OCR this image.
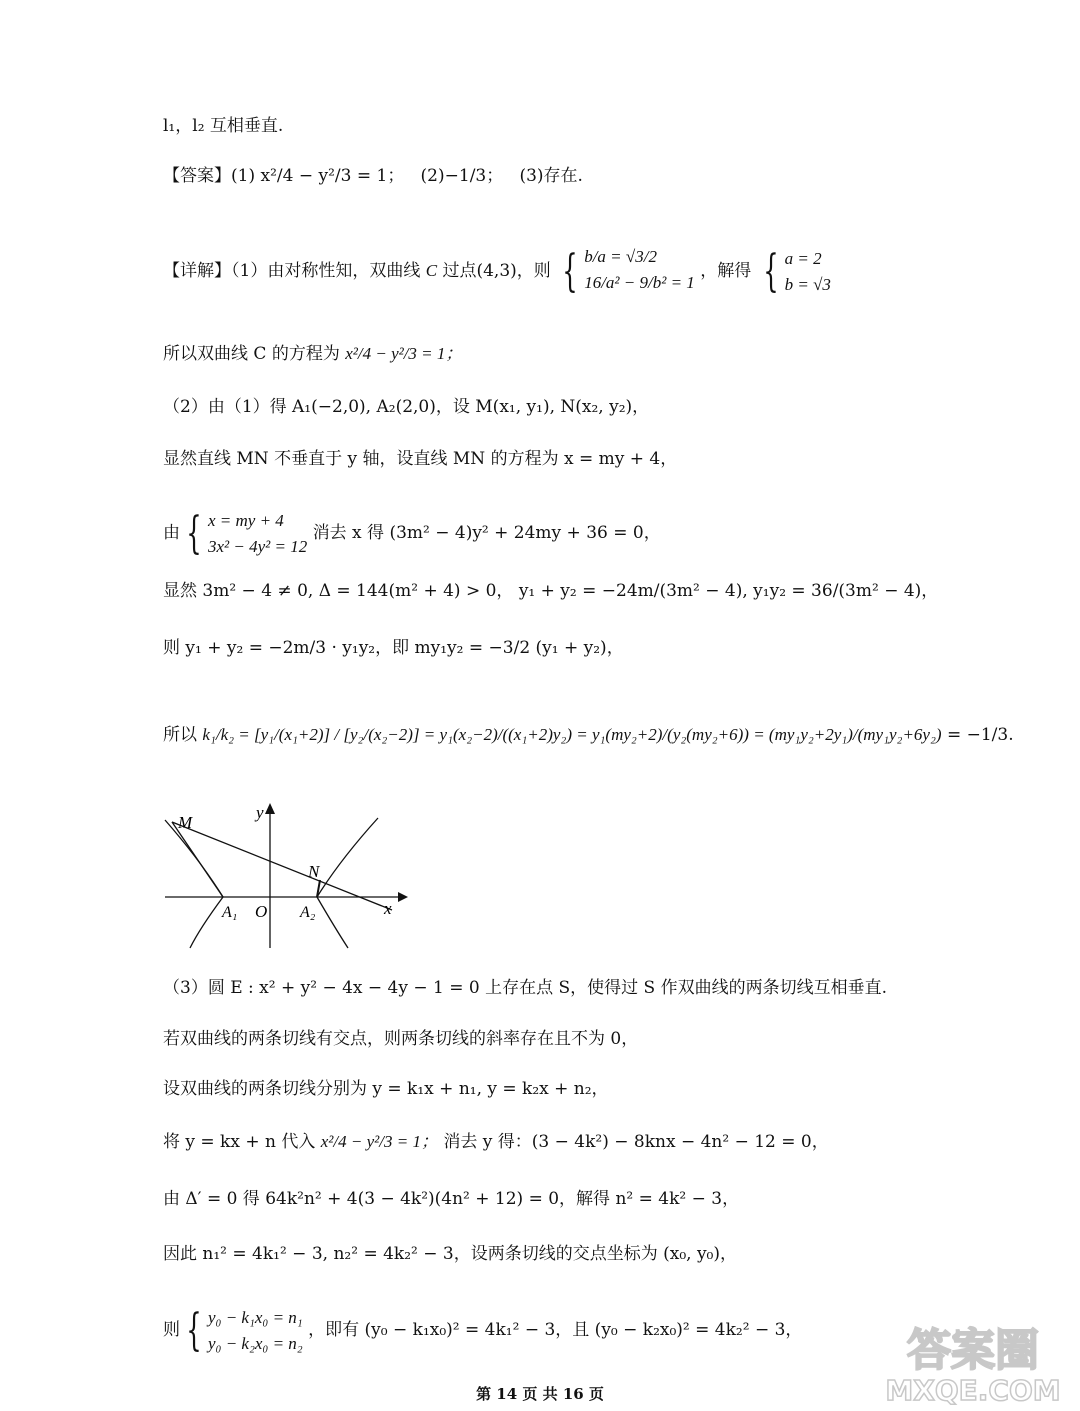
l₁，l₂ 互相垂直.
【答案】(1) x²/4 − y²/3 = 1； (2)−1/3； (3)存在.
【详解】（1）由对称性知，双曲线 C 过点(4,3)，则 { b/a = √3/2
16/a² − 9/b² = 1
，解得 { a = 2
b = √3
所以双曲线 C 的方程为 x²/4 − y²/3 = 1；
（2）由（1）得 A₁(−2,0), A₂(2,0)，设 M(x₁, y₁), N(x₂, y₂)，
显然直线 MN 不垂直于 y 轴，设直线 MN 的方程为 x = my + 4，
由 { x = my + 4
3x² − 4y² = 12
消去 x 得 (3m² − 4)y² + 24my + 36 = 0，
显然 3m² − 4 ≠ 0, Δ = 144(m² + 4) > 0， y₁ + y₂ = −24m/(3m² − 4), y₁y₂ = 36/(3m² − 4)，
则 y₁ + y₂ = −2m/3 · y₁y₂，即 my₁y₂ = −3/2 (y₁ + y₂)，
所以 k₁/k₂ = [y₁/(x₁+2)] / [y₂/(x₂−2)] = y₁(x₂−2)/((x₁+2)y₂) = y₁(my₂+2)/(y₂(my₂+6)) = (my₁y₂+2y₁)/(my₁y₂+6y₂) = −1/3.
M
N
y
x
A₁ O A₂
（3）圆 E : x² + y² − 4x − 4y − 1 = 0 上存在点 S，使得过 S 作双曲线的两条切线互相垂直.
若双曲线的两条切线有交点，则两条切线的斜率存在且不为 0，
设双曲线的两条切线分别为 y = k₁x + n₁, y = k₂x + n₂，
将 y = kx + n 代入 x²/4 − y²/3 = 1； 消去 y 得：(3 − 4k²) − 8knx − 4n² − 12 = 0，
由 Δ′ = 0 得 64k²n² + 4(3 − 4k²)(4n² + 12) = 0，解得 n² = 4k² − 3，
因此 n₁² = 4k₁² − 3, n₂² = 4k₂² − 3，设两条切线的交点坐标为 (x₀, y₀)，
则 { y₀ − k₁x₀ = n₁
y₀ − k₂x₀ = n₂
，即有 (y₀ − k₁x₀)² = 4k₁² − 3，且 (y₀ − k₂x₀)² = 4k₂² − 3，
第 14 页 共 16 页
答案圈
MXQE.COM
